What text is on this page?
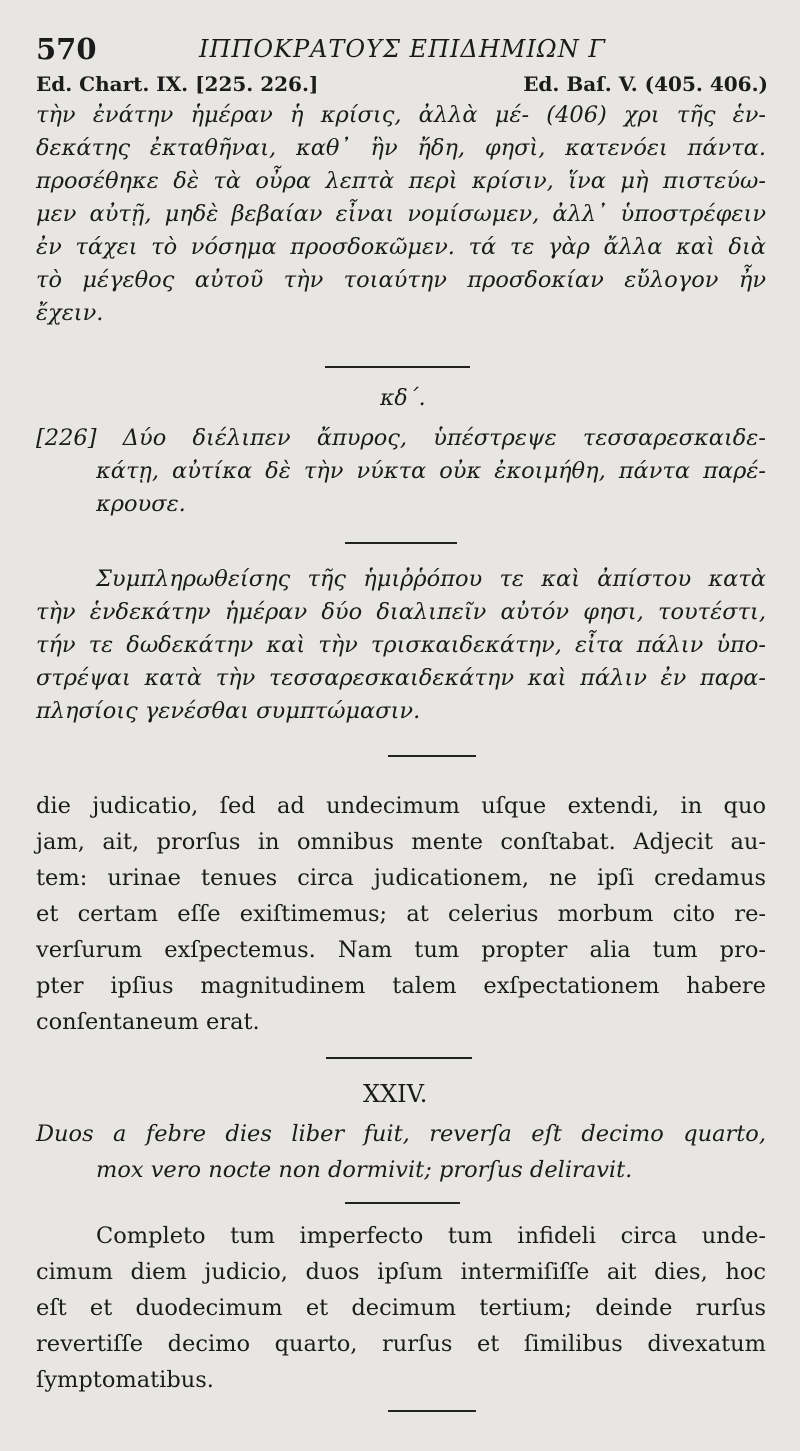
570	ΙΠΠΟΚΡΑΤΟΥΣ ΕΠΙΔΗΜΙΩΝ Γ
Ed. Chart. IX. [225. 226.]	Ed. Baſ. V. (405. 406.)
τὴν ἐνάτην ἡμέραν ἡ κρίσις, ἀλλὰ μέ- (406) χρι τῆς ἑν-
δεκάτης ἐκταθῆναι, καθ᾿ ἣν ἤδη, φησὶ, κατενόει πάντα.
προσέθηκε δὲ τὰ οὖρα λεπτὰ περὶ κρίσιν, ἵνα μὴ πιστεύω-
μεν αὐτῇ, μηδὲ βεβαίαν εἶναι νομίσωμεν, ἀλλ᾿ ὑποστρέφειν
ἐν τάχει τὸ νόσημα προσδοκῶμεν. τά τε γὰρ ἄλλα καὶ διὰ
τὸ μέγεθος αὐτοῦ τὴν τοιαύτην προσδοκίαν εὔλογον ἦν
ἔχειν.
κδ΄.
[226] Δύο διέλιπεν ἄπυρος, ὑπέστρεψε τεσσαρεσκαιδε-
κάτῃ, αὐτίκα δὲ τὴν νύκτα οὐκ ἐκοιμήθη, πάντα παρέ-
κρουσε.
Συμπληρωθείσης τῆς ἡμιῤῥόπου τε καὶ ἀπίστου κατὰ
τὴν ἑνδεκάτην ἡμέραν δύο διαλιπεῖν αὐτόν φησι, τουτέστι,
τήν τε δωδεκάτην καὶ τὴν τρισκαιδεκάτην, εἶτα πάλιν ὑπο-
στρέψαι κατὰ τὴν τεσσαρεσκαιδεκάτην καὶ πάλιν ἐν παρα-
πλησίοις γενέσθαι συμπτώμασιν.
die judicatio, ſed ad undecimum uſque extendi, in quo
jam, ait, prorſus in omnibus mente conſtabat. Adjecit au-
tem: urinae tenues circa judicationem, ne ipſi credamus
et certam eſſe exiſtimemus; at celerius morbum cito re-
verſurum exſpectemus. Nam tum propter alia tum pro-
pter ipſius magnitudinem talem exſpectationem habere
conſentaneum erat.
XXIV.
Duos a febre dies liber fuit, reverſa eſt decimo quarto,
mox vero nocte non dormivit; prorſus deliravit.
Completo tum imperfecto tum infideli circa unde-
cimum diem judicio, duos ipſum intermiſiſſe ait dies, hoc
eſt et duodecimum et decimum tertium; deinde rurſus
revertiſſe decimo quarto, rurſus et ſimilibus divexatum
ſymptomatibus.
